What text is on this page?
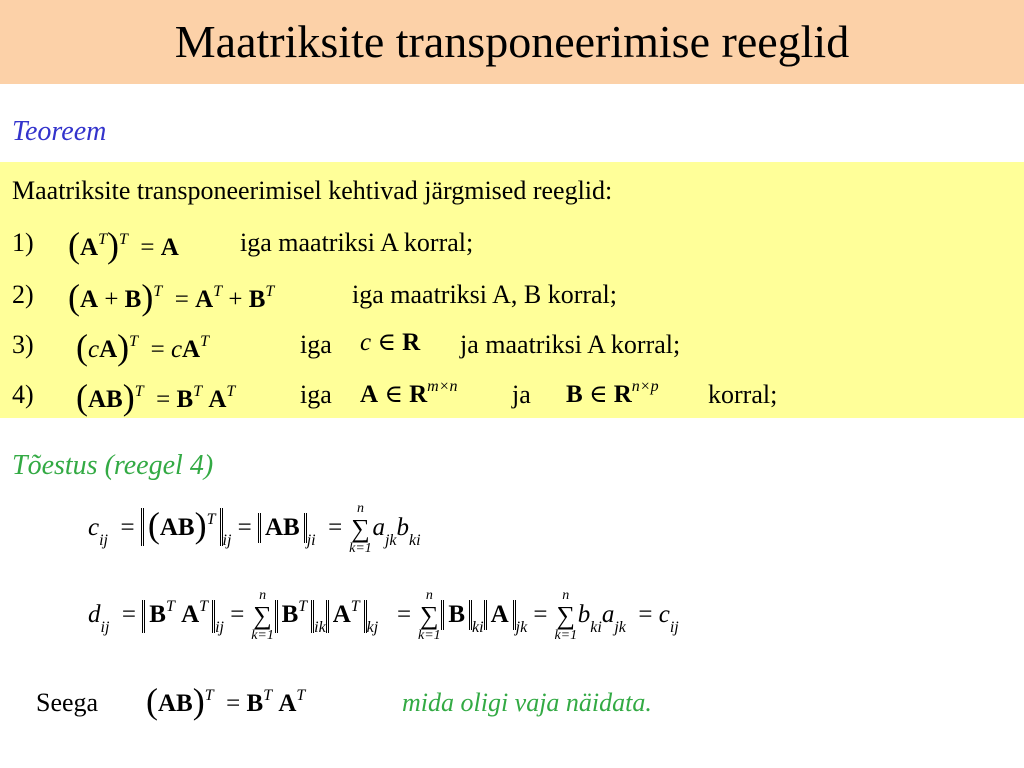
Maatriksite transponeerimise reeglid
Teoreem
Maatriksite transponeerimisel kehtivad järgmised reeglid:
1) $(A^T)^T = A$ iga maatriksi A korral;
2) $(A + B)^T = A^T + B^T$	iga maatriksi A, B korral;
3) $(cA)^T = cA^T$	iga c ∈ R ja maatriksi A korral;
4) $(AB)^T = B^T$ $A^T$ iga A ∈ $R^{m\times n}$ ja B ∈ $R^{n\times p}$ korral;
Tõestus (reegel 4)
$c_{ij} = (AB)^T_{ij}$ = AB $_{ji}$  =
n
∑
k=1
$a_{jk}b_{ki}$
$d_{ij} = B^T$ $A^T_{ij}$ =
n
∑
k=1
$B^T_{ik}$ $A^T_{kj}$   =
n
∑
k=1
B $_{ki}$ A $_{jk}$ =
n
∑
k=1
$b_{ki}a_{jk} = c_{ij}$
Seega $(AB)^T = B^T$ $A^T$	mida oligi vaja näidata.
